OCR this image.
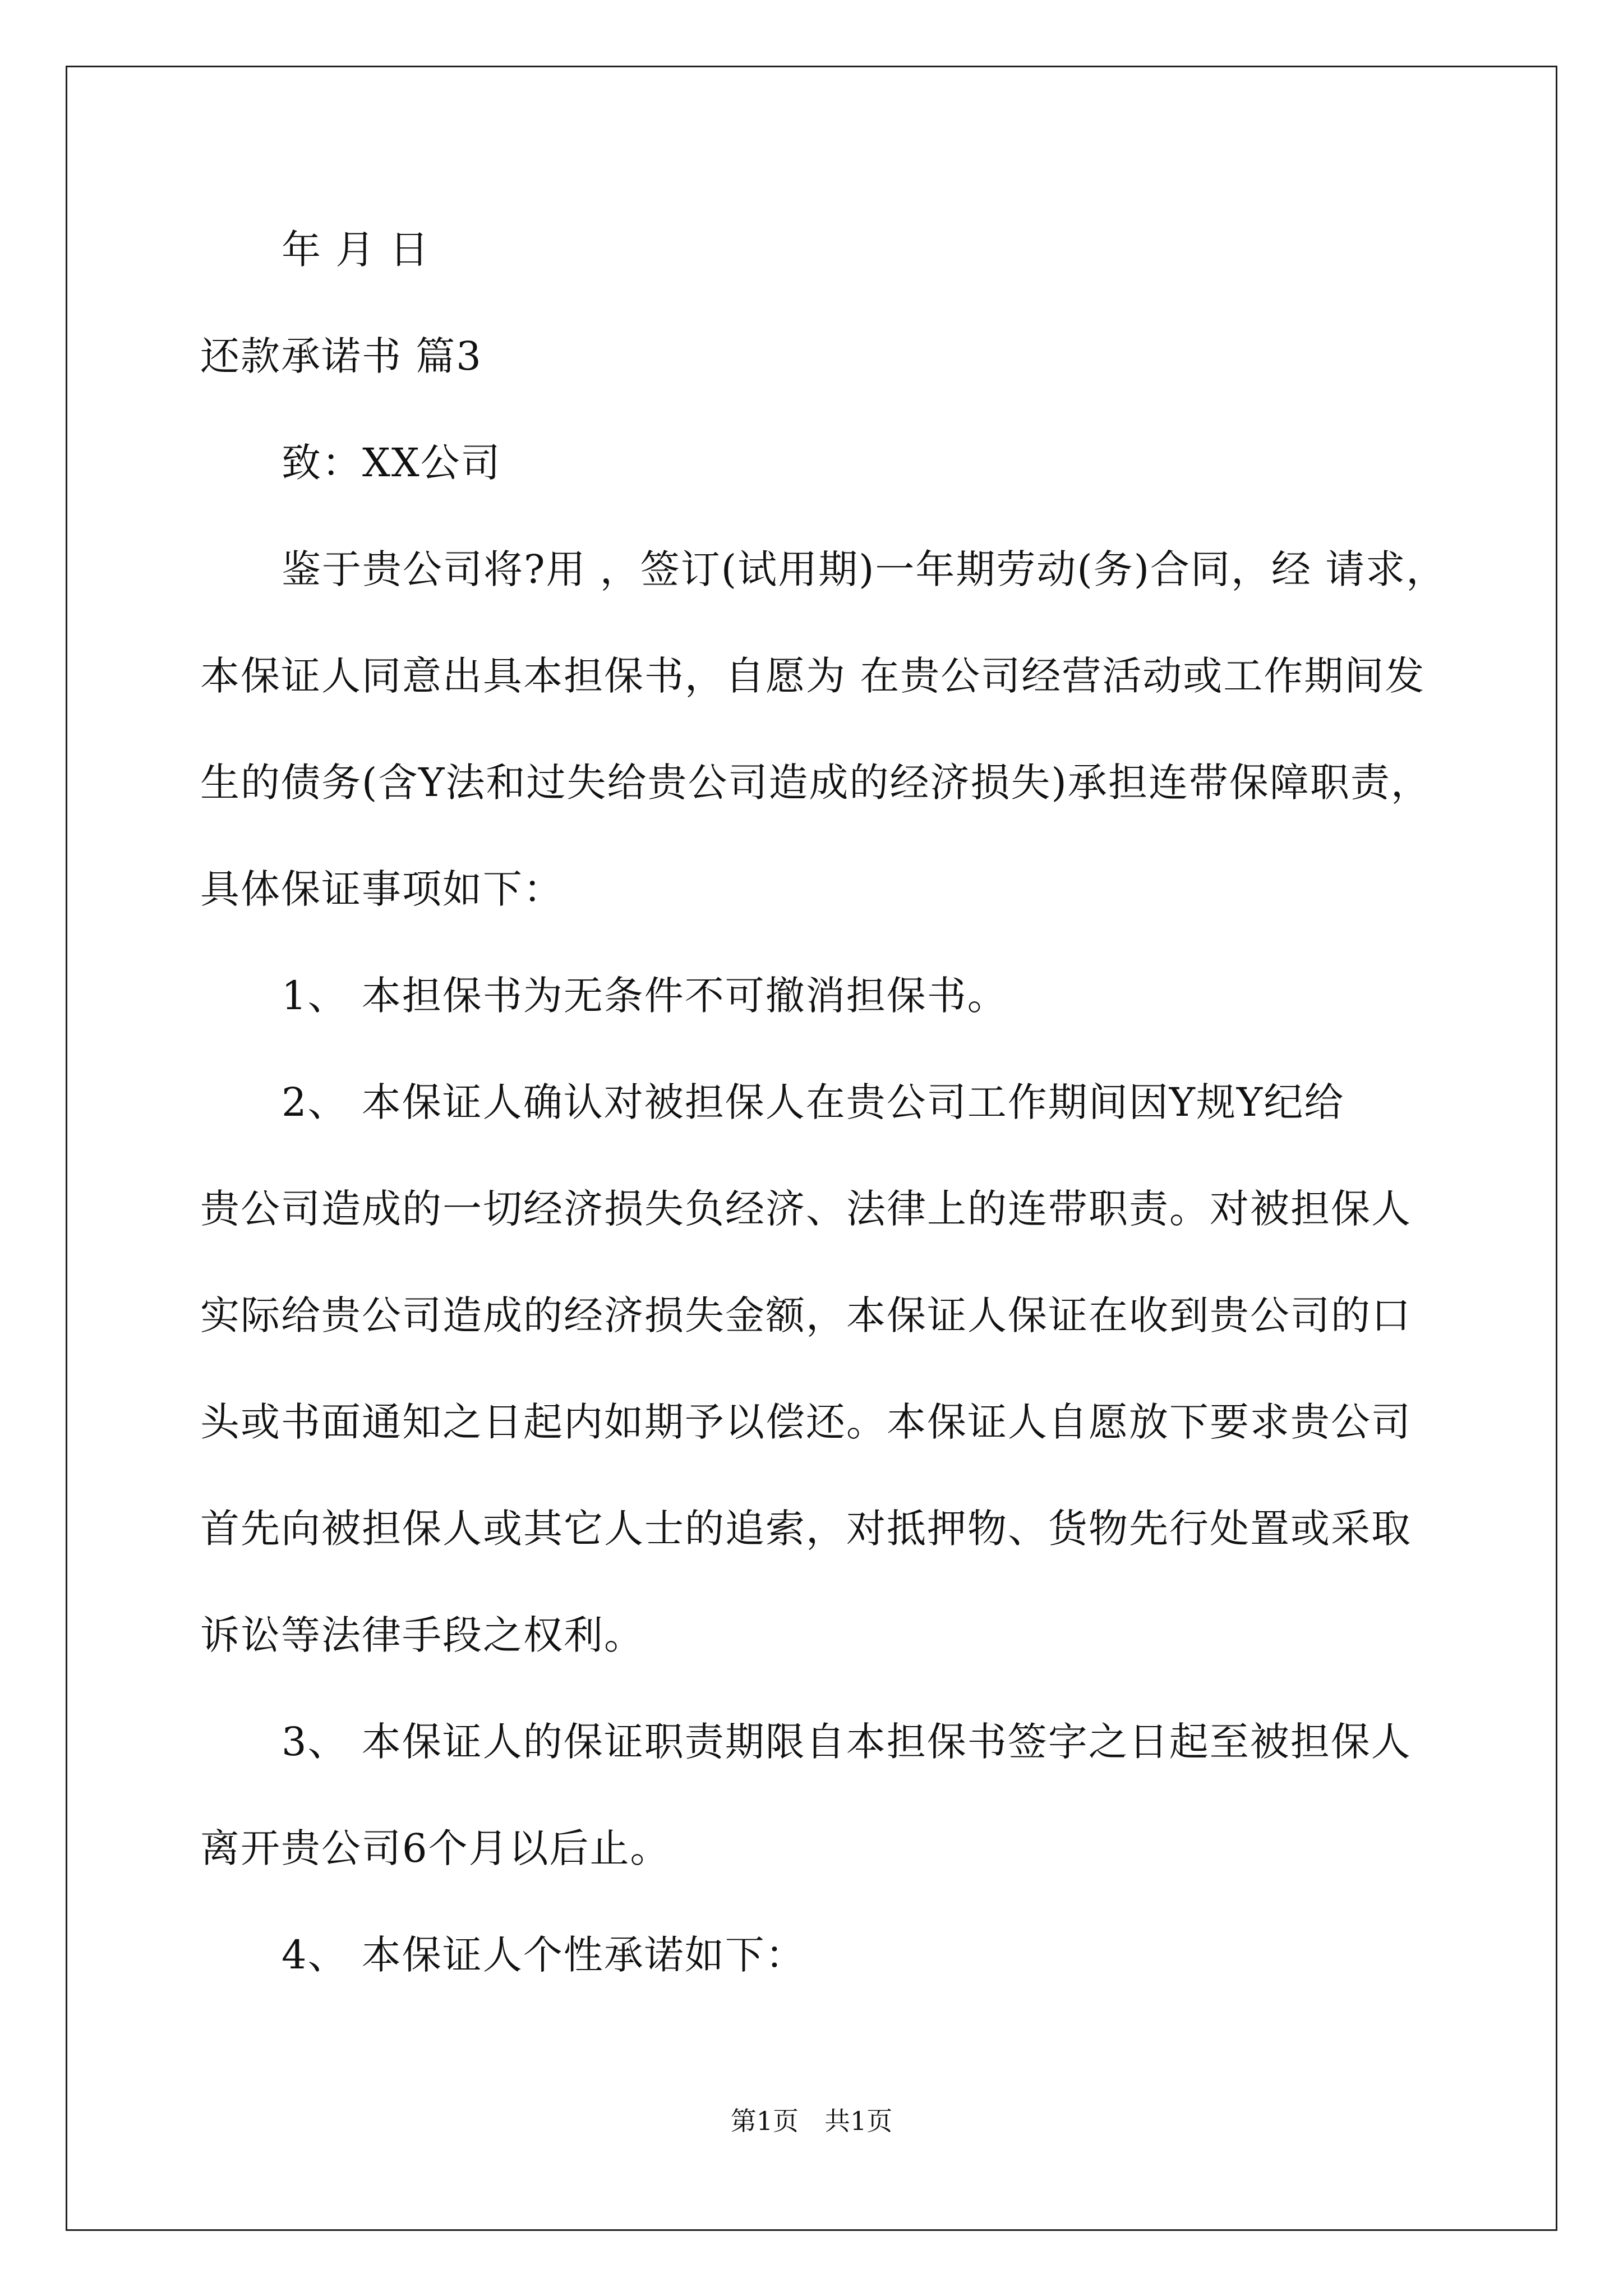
年 月 日
还款承诺书 篇3
致：XX公司
鉴于贵公司将?用 ，签订(试用期)一年期劳动(务)合同，经 请求，
本保证人同意出具本担保书，自愿为 在贵公司经营活动或工作期间发
生的债务(含Y法和过失给贵公司造成的经济损失)承担连带保障职责，
具体保证事项如下：
1、 本担保书为无条件不可撤消担保书。
2、 本保证人确认对被担保人在贵公司工作期间因Y规Y纪给
贵公司造成的一切经济损失负经济、法律上的连带职责。对被担保人
实际给贵公司造成的经济损失金额，本保证人保证在收到贵公司的口
头或书面通知之日起内如期予以偿还。本保证人自愿放下要求贵公司
首先向被担保人或其它人士的追索，对抵押物、货物先行处置或采取
诉讼等法律手段之权利。
3、 本保证人的保证职责期限自本担保书签字之日起至被担保人
离开贵公司6个月以后止。
4、 本保证人个性承诺如下：
第1页　共1页
